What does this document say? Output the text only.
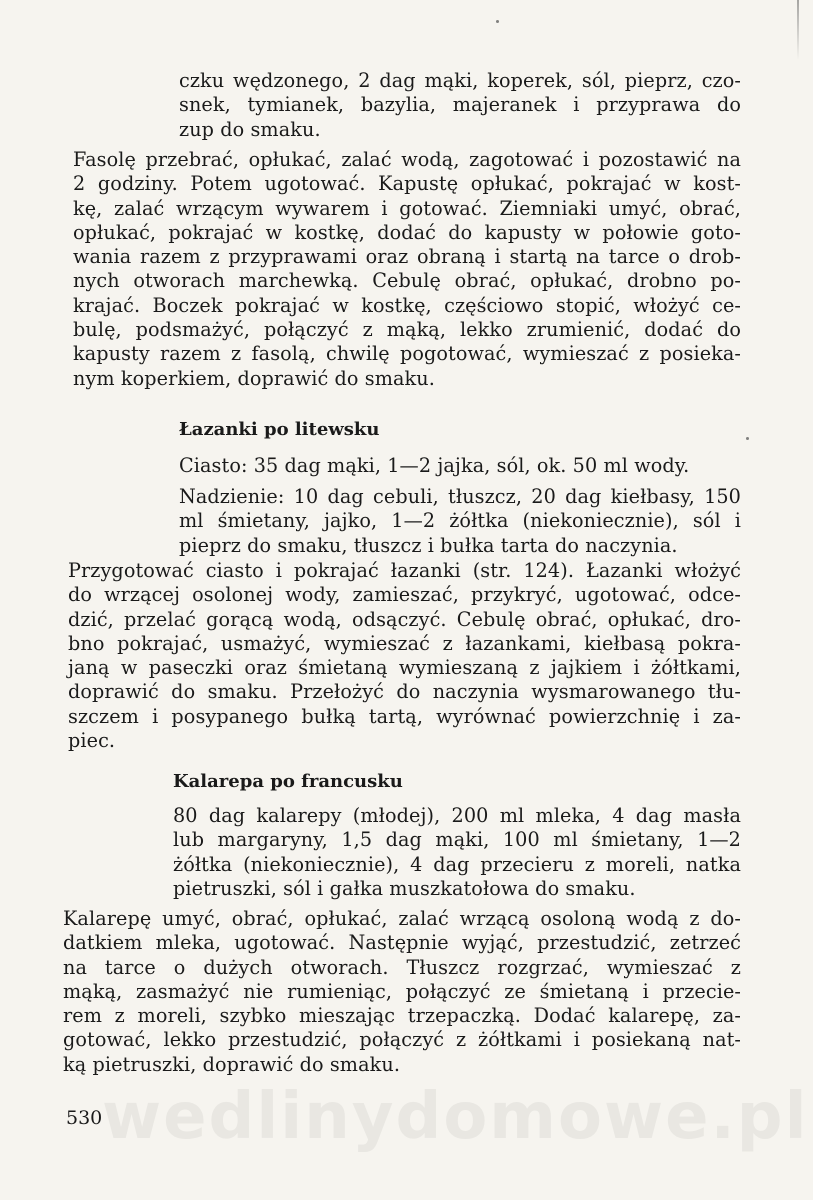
wedlinydomowe.pl
czku wędzonego, 2 dag mąki, koperek, sól, pieprz, czo-
snek, tymianek, bazylia, majeranek i przyprawa do
zup do smaku.
Fasolę przebrać, opłukać, zalać wodą, zagotować i pozostawić na
2 godziny. Potem ugotować. Kapustę opłukać, pokrajać w kost-
kę, zalać wrzącym wywarem i gotować. Ziemniaki umyć, obrać,
opłukać, pokrajać w kostkę, dodać do kapusty w połowie goto-
wania razem z przyprawami oraz obraną i startą na tarce o drob-
nych otworach marchewką. Cebulę obrać, opłukać, drobno po-
krajać. Boczek pokrajać w kostkę, częściowo stopić, włożyć ce-
bulę, podsmażyć, połączyć z mąką, lekko zrumienić, dodać do
kapusty razem z fasolą, chwilę pogotować, wymieszać z posieka-
nym koperkiem, doprawić do smaku.
Łazanki po litewsku
Ciasto: 35 dag mąki, 1—2 jajka, sól, ok. 50 ml wody.
Nadzienie: 10 dag cebuli, tłuszcz, 20 dag kiełbasy, 150
ml śmietany, jajko, 1—2 żółtka (niekoniecznie), sól i
pieprz do smaku, tłuszcz i bułka tarta do naczynia.
Przygotować ciasto i pokrajać łazanki (str. 124). Łazanki włożyć
do wrzącej osolonej wody, zamieszać, przykryć, ugotować, odce-
dzić, przelać gorącą wodą, odsączyć. Cebulę obrać, opłukać, dro-
bno pokrajać, usmażyć, wymieszać z łazankami, kiełbasą pokra-
janą w paseczki oraz śmietaną wymieszaną z jajkiem i żółtkami,
doprawić do smaku. Przełożyć do naczynia wysmarowanego tłu-
szczem i posypanego bułką tartą, wyrównać powierzchnię i za-
piec.
Kalarepa po francusku
80 dag kalarepy (młodej), 200 ml mleka, 4 dag masła
lub margaryny, 1,5 dag mąki, 100 ml śmietany, 1—2
żółtka (niekoniecznie), 4 dag przecieru z moreli, natka
pietruszki, sól i gałka muszkatołowa do smaku.
Kalarepę umyć, obrać, opłukać, zalać wrzącą osoloną wodą z do-
datkiem mleka, ugotować. Następnie wyjąć, przestudzić, zetrzeć
na tarce o dużych otworach. Tłuszcz rozgrzać, wymieszać z
mąką, zasmażyć nie rumieniąc, połączyć ze śmietaną i przecie-
rem z moreli, szybko mieszając trzepaczką. Dodać kalarepę, za-
gotować, lekko przestudzić, połączyć z żółtkami i posiekaną nat-
ką pietruszki, doprawić do smaku.
530
